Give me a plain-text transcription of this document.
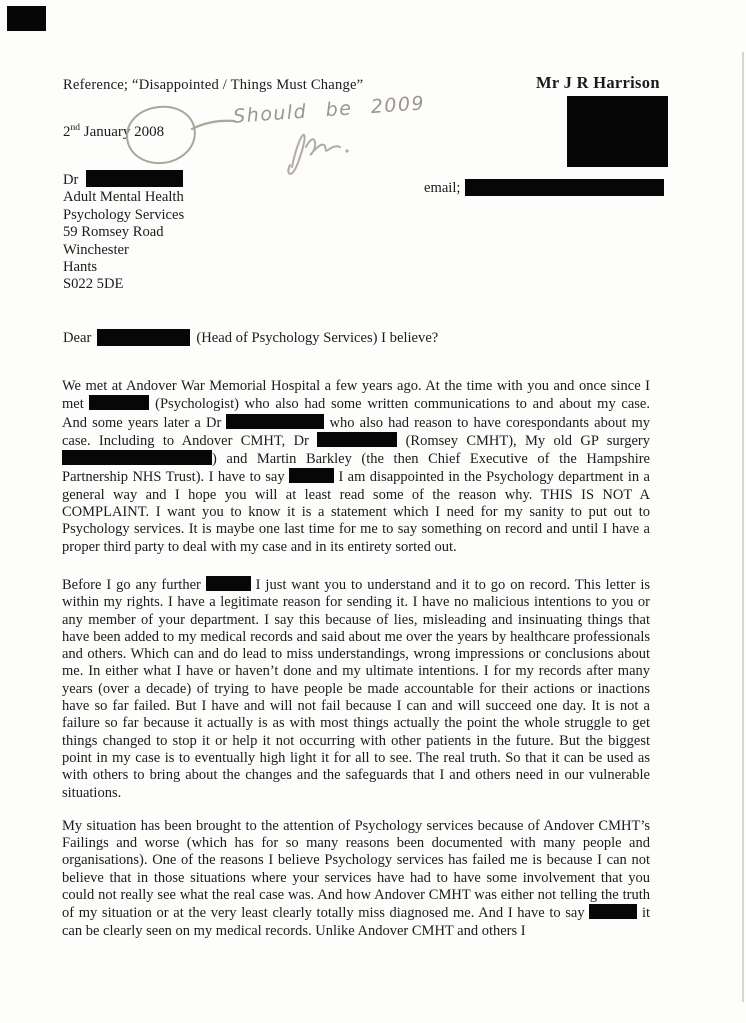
Reference; “Disappointed / Things Must Change”	Mr J R Harrison
2nd January 2008
Should be 2009
Dr
Adult Mental Health
Psychology Services
59 Romsey Road
Winchester
Hants
S022 5DE
email;
Dear	(Head of Psychology Services) I believe?

We met at Andover War Memorial Hospital a few years ago. At the time with you and once since I met	(Psychologist) who also had some written communications to and about my case. And some years later a Dr	who also had reason to have corespondants about my case. Including to Andover CMHT, Dr	(Romsey CMHT), My old GP surgery ) and Martin Barkley (the then Chief Executive of the Hampshire Partnership NHS Trust). I have to say	I am disappointed in the Psychology department in a general way and I hope you will at least read some of the reason why. THIS IS NOT A COMPLAINT. I want you to know it is a statement which I need for my sanity to put out to Psychology services. It is maybe one last time for me to say something on record and until I have a proper third party to deal with my case and in its entirety sorted out.

Before I go any further	I just want you to understand and it to go on record. This letter is within my rights. I have a legitimate reason for sending it. I have no malicious intentions to you or any member of your department. I say this because of lies, misleading and insinuating things that have been added to my medical records and said about me over the years by healthcare professionals and others. Which can and do lead to miss understandings, wrong impressions or conclusions about me. In either what I have or haven’t done and my ultimate intentions. I for my records after many years (over a decade) of trying to have people be made accountable for their actions or inactions have so far failed. But I have and will not fail because I can and will succeed one day. It is not a failure so far because it actually is as with most things actually the point the whole struggle to get things changed to stop it or help it not occurring with other patients in the future. But the biggest point in my case is to eventually high light it for all to see. The real truth. So that it can be used as with others to bring about the changes and the safeguards that I and others need in our vulnerable situations.

My situation has been brought to the attention of Psychology services because of Andover CMHT’s Failings and worse (which has for so many reasons been documented with many people and organisations). One of the reasons I believe Psychology services has failed me is because I can not believe that in those situations where your services have had to have some involvement that you could not really see what the real case was. And how Andover CMHT was either not telling the truth of my situation or at the very least clearly totally miss diagnosed me. And I have to say	it can be clearly seen on my medical records. Unlike Andover CMHT and others I
